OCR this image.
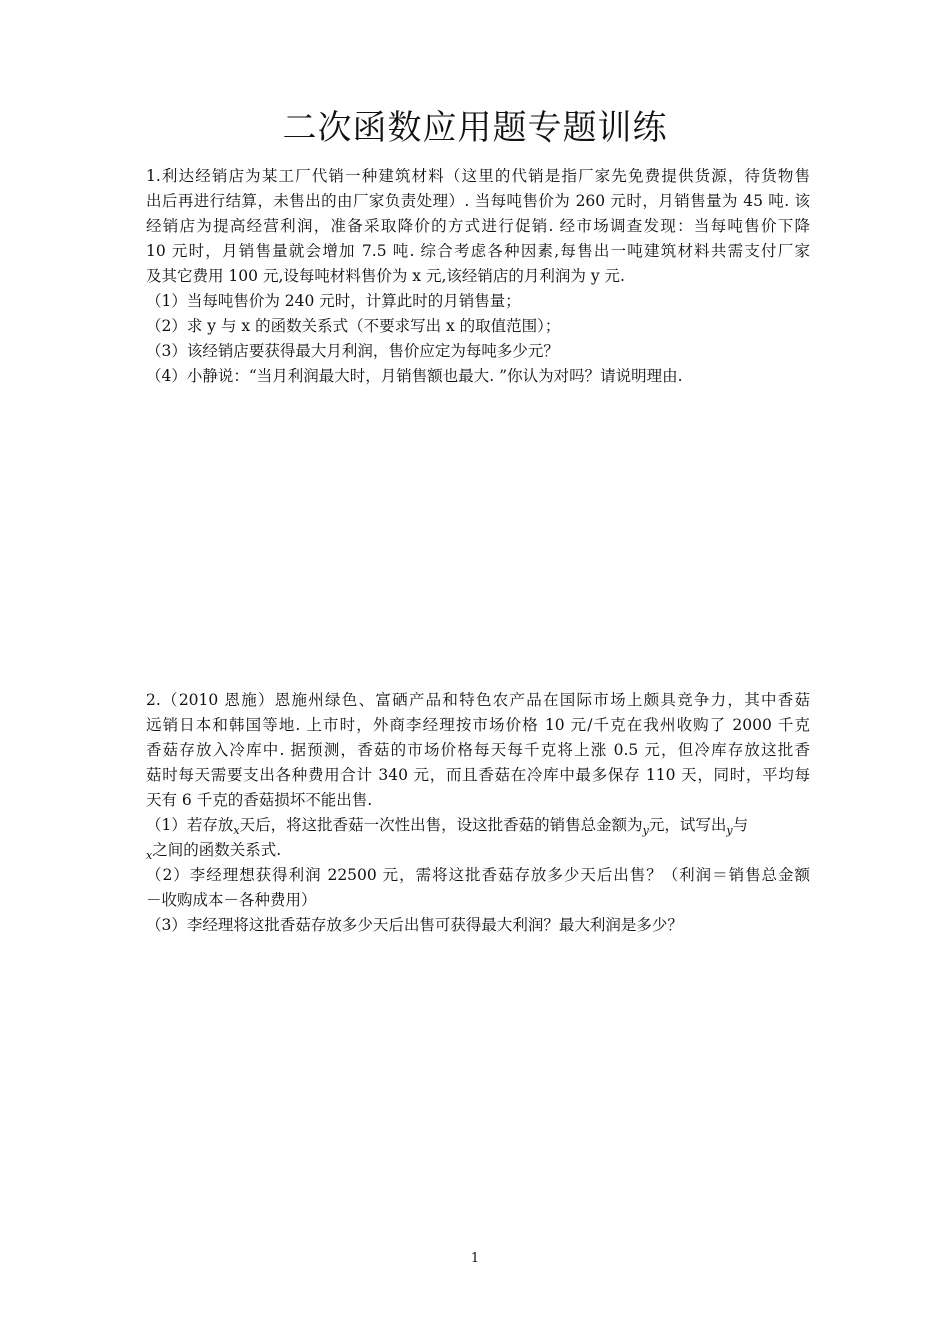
二次函数应用题专题训练
1.利达经销店为某工厂代销一种建筑材料（这里的代销是指厂家先免费提供货源，待货物售
出后再进行结算，未售出的由厂家负责处理）. 当每吨售价为 260 元时，月销售量为 45 吨. 该
经销店为提高经营利润，准备采取降价的方式进行促销. 经市场调查发现：当每吨售价下降
10 元时，月销售量就会增加 7.5 吨. 综合考虑各种因素,每售出一吨建筑材料共需支付厂家
及其它费用 100 元,设每吨材料售价为 x 元,该经销店的月利润为 y 元.
（1）当每吨售价为 240 元时，计算此时的月销售量；
（2）求 y 与 x 的函数关系式（不要求写出 x 的取值范围）；
（3）该经销店要获得最大月利润，售价应定为每吨多少元？
（4）小静说：“当月利润最大时，月销售额也最大. ”你认为对吗？请说明理由.
2.（2010 恩施）恩施州绿色、富硒产品和特色农产品在国际市场上颇具竞争力，其中香菇
远销日本和韩国等地. 上市时，外商李经理按市场价格 10 元/千克在我州收购了 2000 千克
香菇存放入冷库中. 据预测，香菇的市场价格每天每千克将上涨 0.5 元，但冷库存放这批香
菇时每天需要支出各种费用合计 340 元，而且香菇在冷库中最多保存 110 天，同时，平均每
天有 6 千克的香菇损坏不能出售.
（1）若存放$_x$天后，将这批香菇一次性出售，设这批香菇的销售总金额为$_y$元，试写出$_y$与
$_x$之间的函数关系式.
（2）李经理想获得利润 22500 元，需将这批香菇存放多少天后出售？（利润＝销售总金额
－收购成本－各种费用）
（3）李经理将这批香菇存放多少天后出售可获得最大利润？最大利润是多少？
1
